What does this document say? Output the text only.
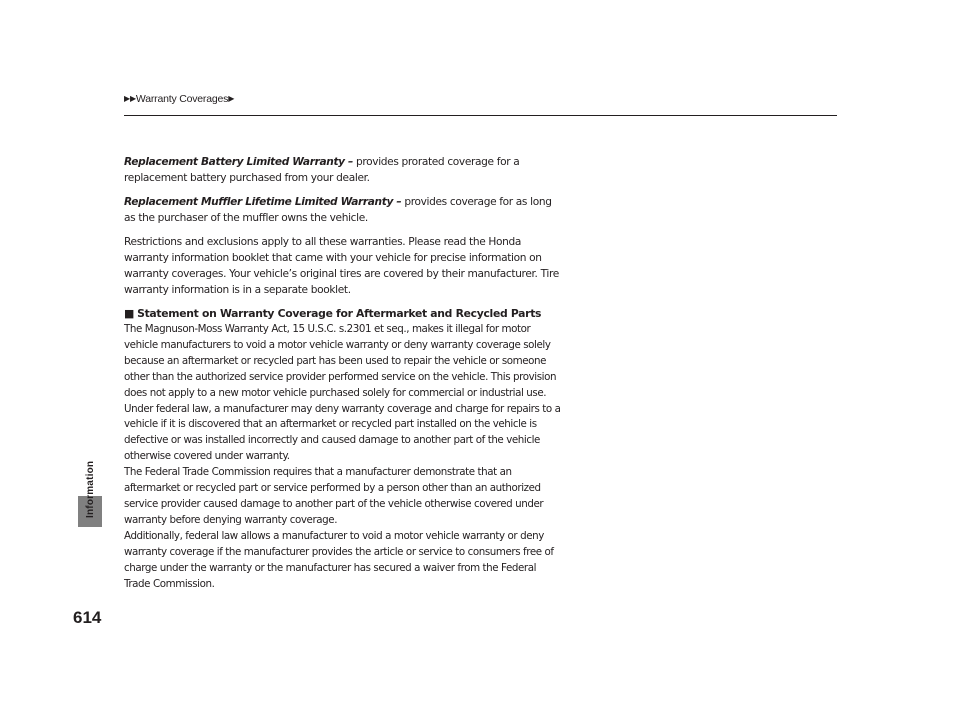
▶▶Warranty Coverages▶
Information
614

Replacement Battery Limited Warranty – provides prorated coverage for a replacement battery purchased from your dealer.

Replacement Muffler Lifetime Limited Warranty – provides coverage for as long as the purchaser of the muffler owns the vehicle.

Restrictions and exclusions apply to all these warranties. Please read the Honda warranty information booklet that came with your vehicle for precise information on warranty coverages. Your vehicle’s original tires are covered by their manufacturer. Tire warranty information is in a separate booklet.

■ Statement on Warranty Coverage for Aftermarket and Recycled Parts

The Magnuson-Moss Warranty Act, 15 U.S.C. s.2301 et seq., makes it illegal for motor vehicle manufacturers to void a motor vehicle warranty or deny warranty coverage solely because an aftermarket or recycled part has been used to repair the vehicle or someone other than the authorized service provider performed service on the vehicle. This provision does not apply to a new motor vehicle purchased solely for commercial or industrial use.

Under federal law, a manufacturer may deny warranty coverage and charge for repairs to a vehicle if it is discovered that an aftermarket or recycled part installed on the vehicle is defective or was installed incorrectly and caused damage to another part of the vehicle otherwise covered under warranty.

The Federal Trade Commission requires that a manufacturer demonstrate that an aftermarket or recycled part or service performed by a person other than an authorized service provider caused damage to another part of the vehicle otherwise covered under warranty before denying warranty coverage.

Additionally, federal law allows a manufacturer to void a motor vehicle warranty or deny warranty coverage if the manufacturer provides the article or service to consumers free of charge under the warranty or the manufacturer has secured a waiver from the Federal Trade Commission.
